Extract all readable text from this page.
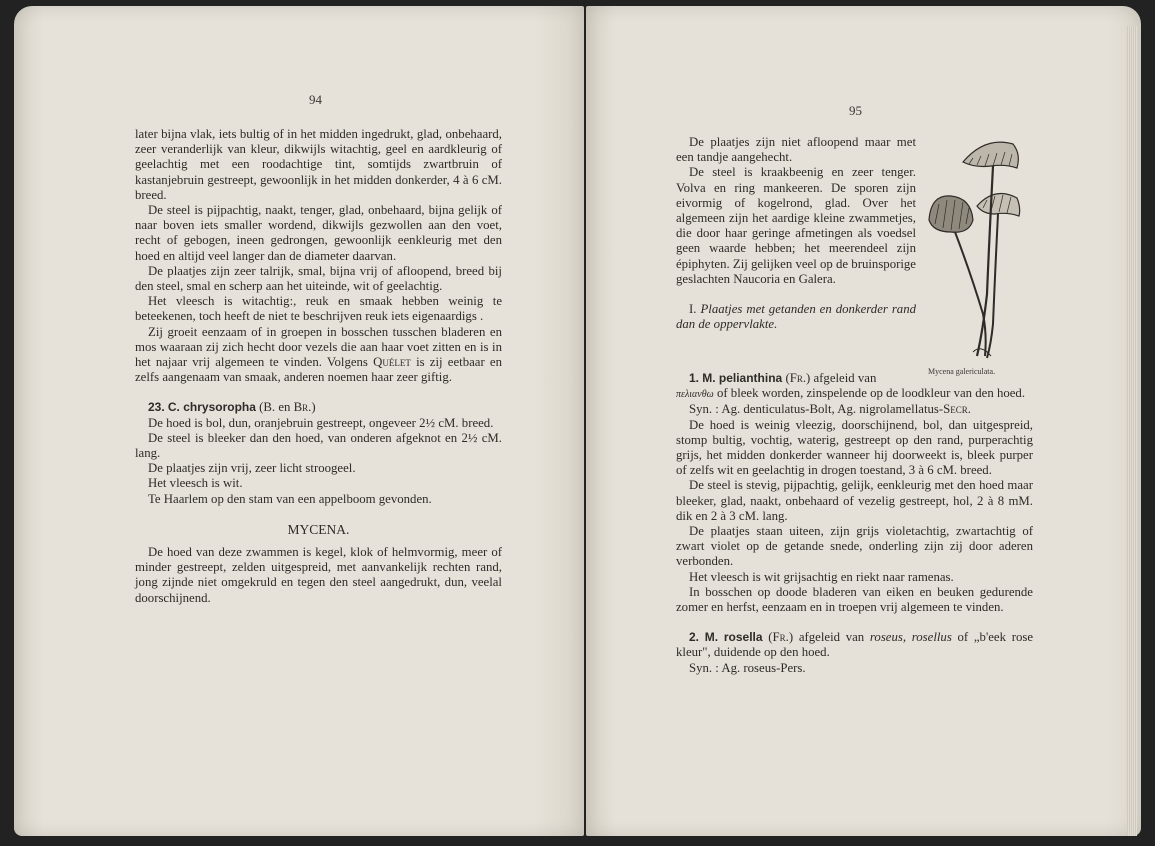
94

later bijna vlak, iets bultig of in het midden ingedrukt, glad, onbehaard, zeer veranderlijk van kleur, dikwijls witachtig, geel en aardkleurig of geelachtig met een roodachtige tint, somtijds zwartbruin of kastanjebruin gestreept, gewoonlijk in het midden donkerder, 4 à 6 cM. breed.

De steel is pijpachtig, naakt, tenger, glad, onbehaard, bijna gelijk of naar boven iets smaller wordend, dikwijls gezwollen aan den voet, recht of gebogen, ineen gedrongen, gewoonlijk eenkleurig met den hoed en altijd veel langer dan de diameter daarvan.

De plaatjes zijn zeer talrijk, smal, bijna vrij of afloopend, breed bij den steel, smal en scherp aan het uiteinde, wit of geelachtig.

Het vleesch is witachtig:, reuk en smaak hebben weinig te beteekenen, toch heeft de niet te beschrijven reuk iets eigenaardigs .

Zij groeit eenzaam of in groepen in bosschen tusschen bladeren en mos waaraan zij zich hecht door vezels die aan haar voet zitten en is in het najaar vrij algemeen te vinden. Volgens Quélet is zij eetbaar en zelfs aangenaam van smaak, anderen noemen haar zeer giftig.

23. C. chrysoropha (B. en Br.)

De hoed is bol, dun, oranjebruin gestreept, ongeveer 2½ cM. breed.

De steel is bleeker dan den hoed, van onderen afgeknot en 2½ cM. lang.

De plaatjes zijn vrij, zeer licht stroogeel.

Het vleesch is wit.

Te Haarlem op den stam van een appelboom gevonden.

MYCENA.

De hoed van deze zwammen is kegel, klok of helmvormig, meer of minder gestreept, zelden uitgespreid, met aanvankelijk rechten rand, jong zijnde niet omgekruld en tegen den steel aangedrukt, dun, veelal doorschijnend.

95

De plaatjes zijn niet afloopend maar met een tandje aangehecht.

De steel is kraakbeenig en zeer tenger. Volva en ring mankeeren. De sporen zijn eivormig of kogelrond, glad. Over het algemeen zijn het aardige kleine zwammetjes, die door haar geringe afmetingen als voedsel geen waarde hebben; het meerendeel zijn épiphyten. Zij gelijken veel op de bruinsporige geslachten Naucoria en Galera.

I. Plaatjes met getanden en donkerder rand dan de oppervlakte.

1. M. pelianthina (Fr.) afgeleid van

πελιανθω of bleek worden, zinspelende op de loodkleur van den hoed.

Syn. : Ag. denticulatus-Bolt, Ag. nigrolamellatus-Secr.

De hoed is weinig vleezig, doorschijnend, bol, dan uitgespreid, stomp bultig, vochtig, waterig, gestreept op den rand, purperachtig grijs, het midden donkerder wanneer hij doorweekt is, bleek purper of zelfs wit en geelachtig in drogen toestand, 3 à 6 cM. breed.

De steel is stevig, pijpachtig, gelijk, eenkleurig met den hoed maar bleeker, glad, naakt, onbehaard of vezelig gestreept, hol, 2 à 8 mM. dik en 2 à 3 cM. lang.

De plaatjes staan uiteen, zijn grijs violetachtig, zwartachtig of zwart violet op de getande snede, onderling zijn zij door aderen verbonden.

Het vleesch is wit grijsachtig en riekt naar ramenas.

In bosschen op doode bladeren van eiken en beuken gedurende zomer en herfst, eenzaam en in troepen vrij algemeen te vinden.

2. M. rosella (Fr.) afgeleid van roseus, rosellus of „b'eek rose kleur", duidende op den hoed.

Syn. : Ag. roseus-Pers.

Mycena galericulata.
